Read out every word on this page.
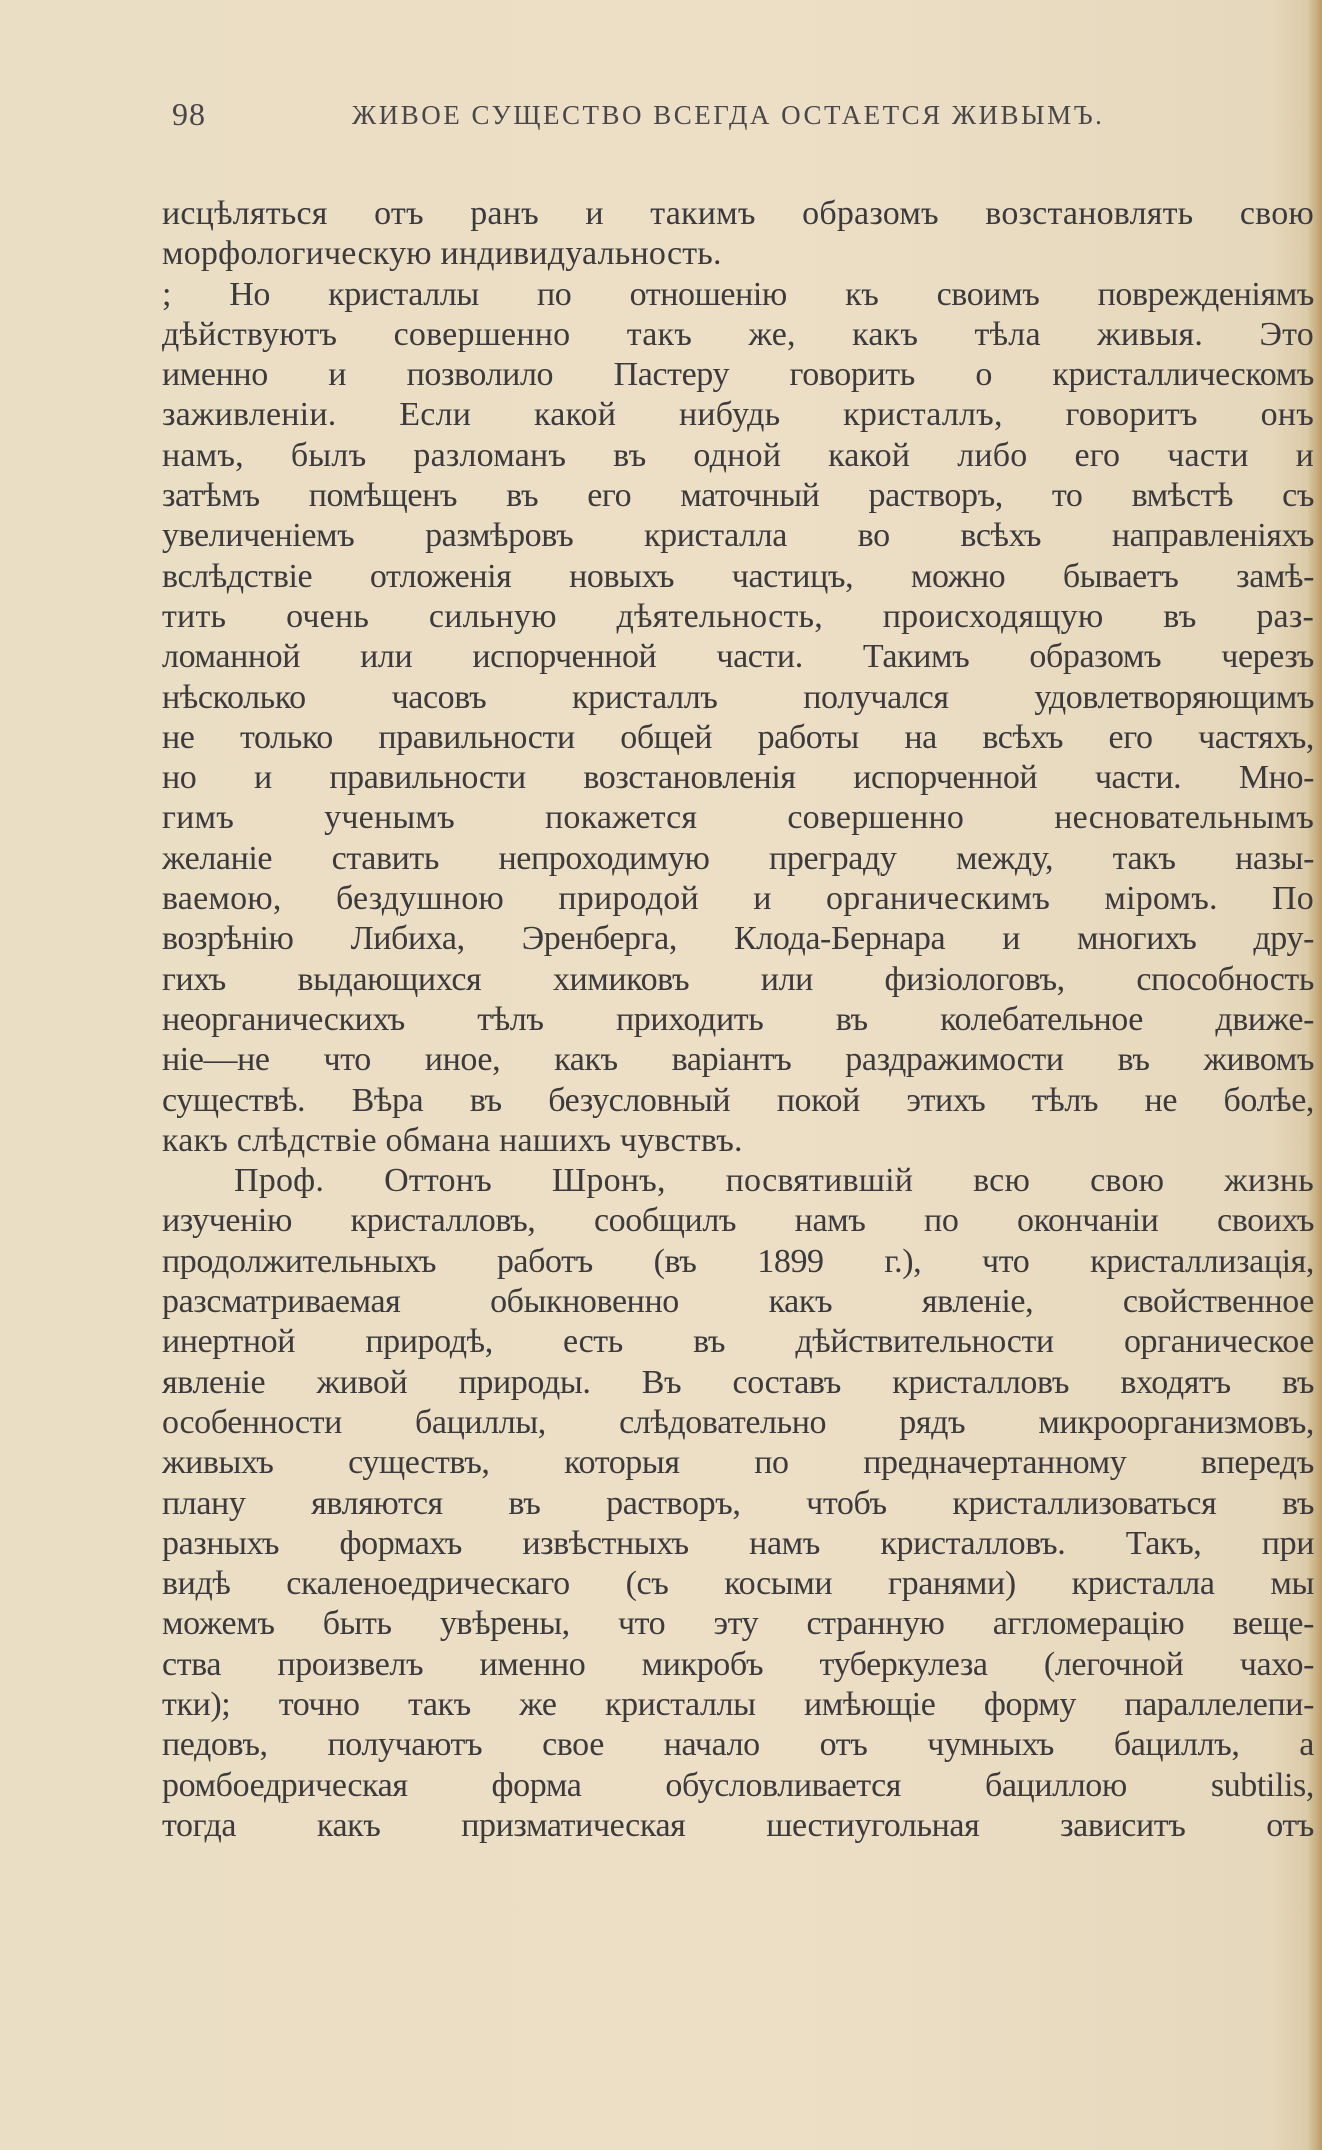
98	ЖИВОЕ СУЩЕСТВО ВСЕГДА ОСТАЕТСЯ ЖИВЫМЪ.
исцѣляться отъ ранъ и такимъ образомъ возстановлять свою
морфологическую индивидуальность.
; Но кристаллы по отношенію къ своимъ поврежденіямъ
дѣйствуютъ совершенно такъ же, какъ тѣла живыя. Это
именно и позволило Пастеру говорить о кристаллическомъ
заживленіи. Если какой нибудь кристаллъ, говоритъ онъ
намъ, былъ разломанъ въ одной какой либо его части и
затѣмъ помѣщенъ въ его маточный растворъ, то вмѣстѣ съ
увеличеніемъ размѣровъ кристалла во всѣхъ направленіяхъ
вслѣдствіе отложенія новыхъ частицъ, можно бываетъ замѣ-
тить очень сильную дѣятельность, происходящую въ раз-
ломанной или испорченной части. Такимъ образомъ черезъ
нѣсколько часовъ кристаллъ получался удовлетворяющимъ
не только правильности общей работы на всѣхъ его частяхъ,
но и правильности возстановленія испорченной части. Мно-
гимъ ученымъ покажется совершенно несновательнымъ
желаніе ставить непроходимую преграду между, такъ назы-
ваемою, бездушною природой и органическимъ міромъ. По
возрѣнію Либиха, Эренберга, Клода-Бернара и многихъ дру-
гихъ выдающихся химиковъ или физіологовъ, способность
неорганическихъ тѣлъ приходить въ колебательное движе-
ніе—не что иное, какъ варіантъ раздражимости въ живомъ
существѣ. Вѣра въ безусловный покой этихъ тѣлъ не болѣе,
какъ слѣдствіе обмана нашихъ чувствъ.
Проф. Оттонъ Шронъ, посвятившій всю свою жизнь
изученію кристалловъ, сообщилъ намъ по окончаніи своихъ
продолжительныхъ работъ (въ 1899 г.), что кристаллизація,
разсматриваемая обыкновенно какъ явленіе, свойственное
инертной природѣ, есть въ дѣйствительности органическое
явленіе живой природы. Въ составъ кристалловъ входятъ въ
особенности бациллы, слѣдовательно рядъ микроорганизмовъ,
живыхъ существъ, которыя по предначертанному впередъ
плану являются въ растворъ, чтобъ кристаллизоваться въ
разныхъ формахъ извѣстныхъ намъ кристалловъ. Такъ, при
видѣ скаленоедрическаго (съ косыми гранями) кристалла мы
можемъ быть увѣрены, что эту странную аггломерацію веще-
ства произвелъ именно микробъ туберкулеза (легочной чахо-
тки); точно такъ же кристаллы имѣющіе форму параллелепи-
педовъ, получаютъ свое начало отъ чумныхъ бациллъ, а
ромбоедрическая форма обусловливается бациллою subtilis,
тогда какъ призматическая шестиугольная зависитъ отъ
